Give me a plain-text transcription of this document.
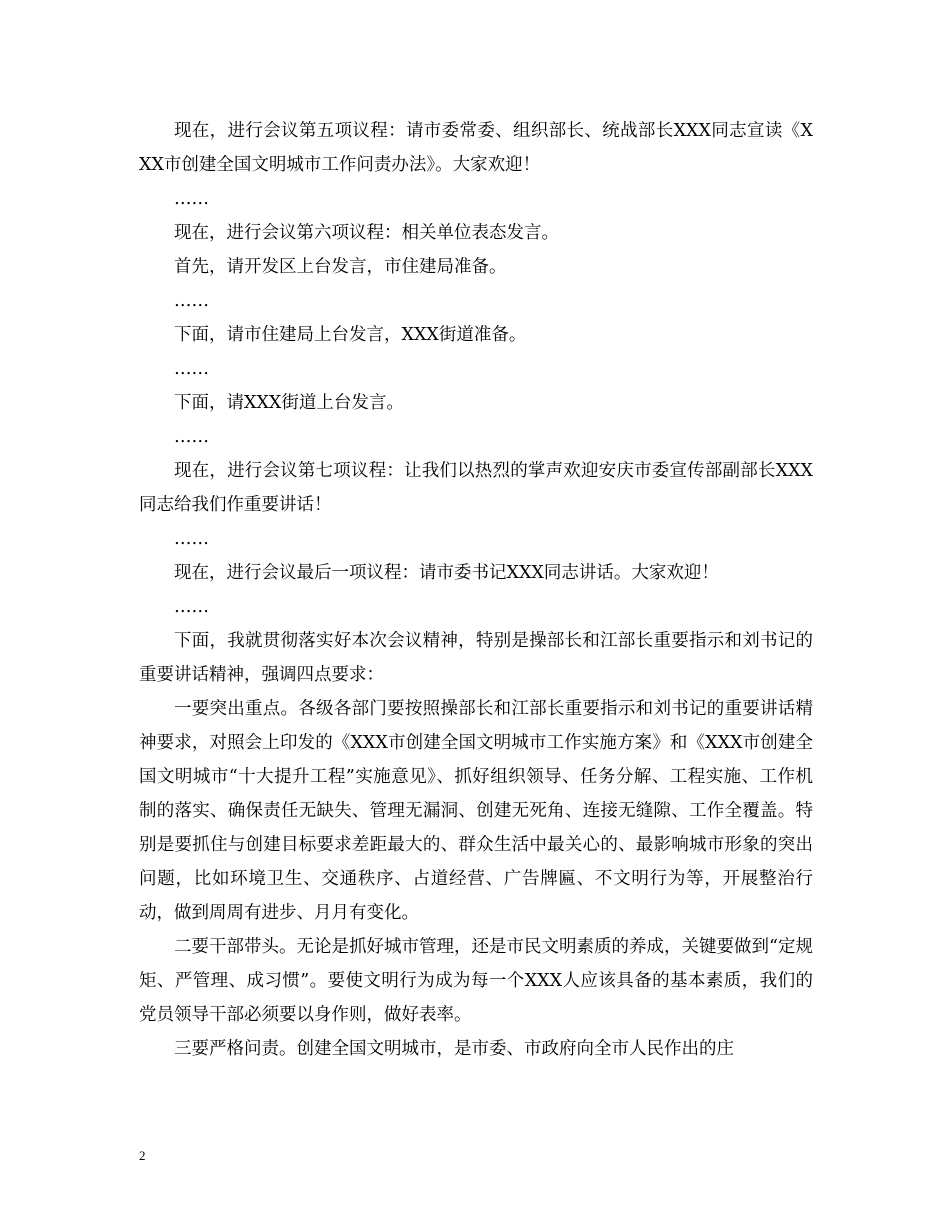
现在，进行会议第五项议程：请市委常委、组织部长、统战部长XXX同志宣读《XXX市创建全国文明城市工作问责办法》。大家欢迎！

……

现在，进行会议第六项议程：相关单位表态发言。

首先，请开发区上台发言，市住建局准备。

……

下面，请市住建局上台发言，XXX街道准备。

……

下面，请XXX街道上台发言。

……

现在，进行会议第七项议程：让我们以热烈的掌声欢迎安庆市委宣传部副部长XXX同志给我们作重要讲话！

……

现在，进行会议最后一项议程：请市委书记XXX同志讲话。大家欢迎！

……

下面，我就贯彻落实好本次会议精神，特别是操部长和江部长重要指示和刘书记的重要讲话精神，强调四点要求：

一要突出重点。各级各部门要按照操部长和江部长重要指示和刘书记的重要讲话精神要求，对照会上印发的《XXX市创建全国文明城市工作实施方案》和《XXX市创建全国文明城市“十大提升工程”实施意见》、抓好组织领导、任务分解、工程实施、工作机制的落实、确保责任无缺失、管理无漏洞、创建无死角、连接无缝隙、工作全覆盖。特别是要抓住与创建目标要求差距最大的、群众生活中最关心的、最影响城市形象的突出问题，比如环境卫生、交通秩序、占道经营、广告牌匾、不文明行为等，开展整治行动，做到周周有进步、月月有变化。

二要干部带头。无论是抓好城市管理，还是市民文明素质的养成，关键要做到“定规矩、严管理、成习惯”。要使文明行为成为每一个XXX人应该具备的基本素质，我们的党员领导干部必须要以身作则，做好表率。

三要严格问责。创建全国文明城市，是市委、市政府向全市人民作出的庄

2
